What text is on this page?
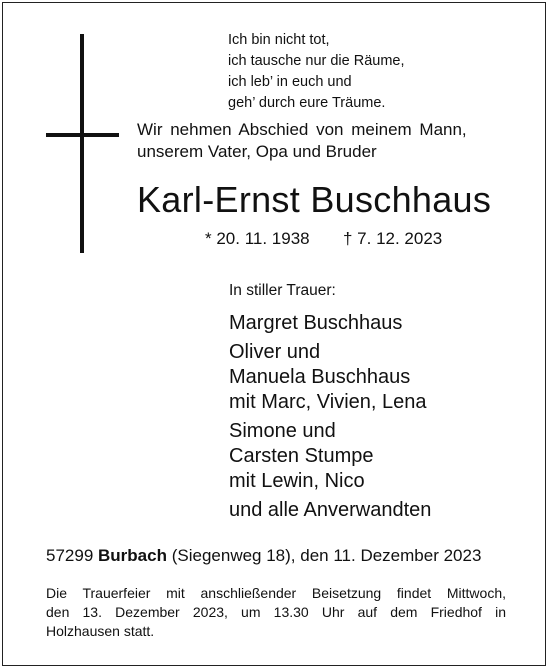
Ich bin nicht tot,
ich tausche nur die Räume,
ich leb’ in euch und
geh’ durch eure Träume.
Wir nehmen Abschied von meinem Mann,
unserem Vater, Opa und Bruder
Karl-Ernst Buschhaus
* 20. 11. 1938 † 7. 12. 2023
In stiller Trauer:
Margret Buschhaus
Oliver und
Manuela Buschhaus
mit Marc, Vivien, Lena
Simone und
Carsten Stumpe
mit Lewin, Nico
und alle Anverwandten
57299 Burbach (Siegenweg 18), den 11. Dezember 2023
Die Trauerfeier mit anschließender Beisetzung findet Mittwoch,
den 13. Dezember 2023, um 13.30 Uhr auf dem Friedhof in
Holzhausen statt.
